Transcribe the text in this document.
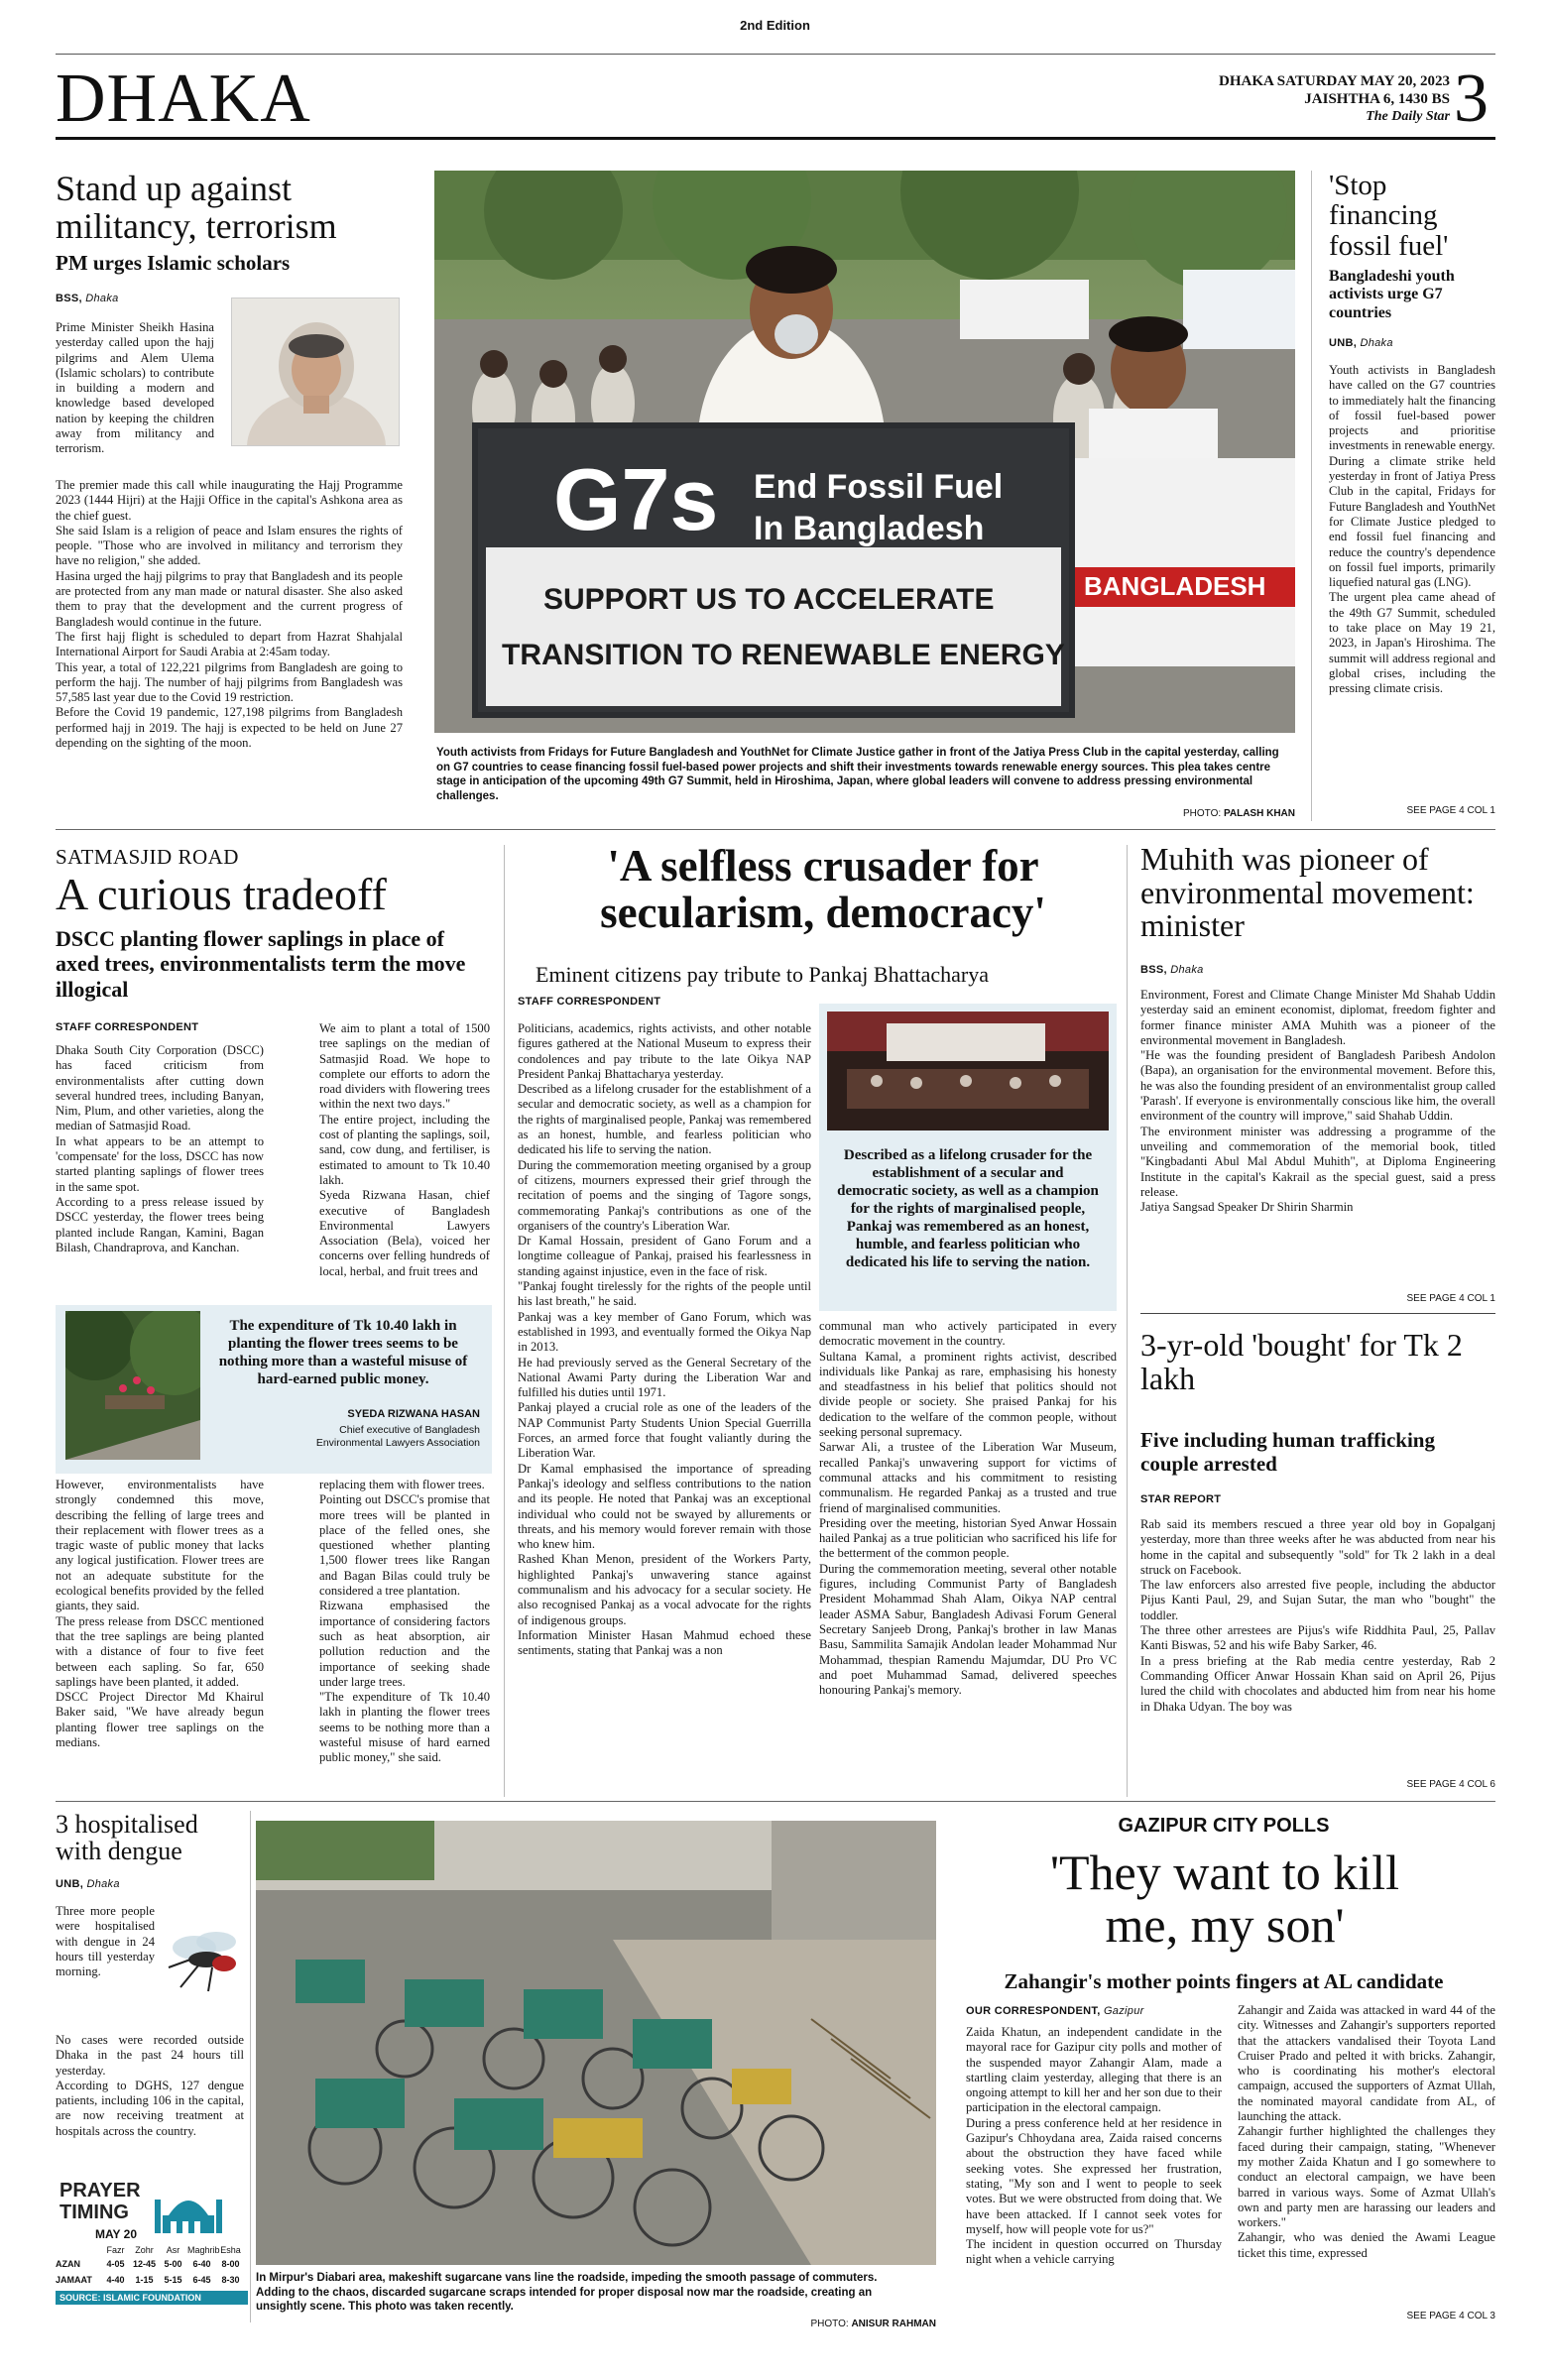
2nd Edition
DHAKA	DHAKA SATURDAY MAY 20, 2023
JAISHTHA 6, 1430 BS
The Daily Star 3
Stand up against militancy, terrorism
PM urges Islamic scholars
BSS, Dhaka
Prime Minister Sheikh Hasina yesterday called upon the hajj pilgrims and Alem Ulema (Islamic scholars) to contribute in building a modern and knowledge based developed nation by keeping the children away from militancy and terrorism.
The premier made this call while inaugurating the Hajj Programme 2023 (1444 Hijri) at the Hajji Office in the capital's Ashkona area as the chief guest.
She said Islam is a religion of peace and Islam ensures the rights of people. "Those who are involved in militancy and terrorism they have no religion," she added.
Hasina urged the hajj pilgrims to pray that Bangladesh and its people are protected from any man made or natural disaster. She also asked them to pray that the development and the current progress of Bangladesh would continue in the future.
The first hajj flight is scheduled to depart from Hazrat Shahjalal International Airport for Saudi Arabia at 2:45am today.
This year, a total of 122,221 pilgrims from Bangladesh are going to perform the hajj. The number of hajj pilgrims from Bangladesh was 57,585 last year due to the Covid 19 restriction.
Before the Covid 19 pandemic, 127,198 pilgrims from Bangladesh performed hajj in 2019. The hajj is expected to be held on June 27 depending on the sighting of the moon.
G7s End Fossil Fuel
In Bangladesh
SUPPORT US TO ACCELERATE
TRANSITION TO RENEWABLE ENERGY
BANGLADESH
Youth activists from Fridays for Future Bangladesh and YouthNet for Climate Justice gather in front of the Jatiya Press Club in the capital yesterday, calling on G7 countries to cease financing fossil fuel-based power projects and shift their investments towards renewable energy sources. This plea takes centre stage in anticipation of the upcoming 49th G7 Summit, held in Hiroshima, Japan, where global leaders will convene to address pressing environmental challenges.
PHOTO: PALASH KHAN
'Stop financing fossil fuel'
Bangladeshi youth activists urge G7 countries
UNB, Dhaka
Youth activists in Bangladesh have called on the G7 countries to immediately halt the financing of fossil fuel-based power projects and prioritise investments in renewable energy.
During a climate strike held yesterday in front of Jatiya Press Club in the capital, Fridays for Future Bangladesh and YouthNet for Climate Justice pledged to end fossil fuel financing and reduce the country's dependence on fossil fuel imports, primarily liquefied natural gas (LNG).
The urgent plea came ahead of the 49th G7 Summit, scheduled to take place on May 19 21, 2023, in Japan's Hiroshima. The summit will address regional and global crises, including the pressing climate crisis.
SEE PAGE 4 COL 1
SATMASJID ROAD
A curious tradeoff
DSCC planting flower saplings in place of axed trees, environmentalists term the move illogical
STAFF CORRESPONDENT
Dhaka South City Corporation (DSCC) has faced criticism from environmentalists after cutting down several hundred trees, including Banyan, Nim, Plum, and other varieties, along the median of Satmasjid Road.
In what appears to be an attempt to 'compensate' for the loss, DSCC has now started planting saplings of flower trees in the same spot.
According to a press release issued by DSCC yesterday, the flower trees being planted include Rangan, Kamini, Bagan Bilash, Chandraprova, and Kanchan.
We aim to plant a total of 1500 tree saplings on the median of Satmasjid Road. We hope to complete our efforts to adorn the road dividers with flowering trees within the next two days."
The entire project, including the cost of planting the saplings, soil, sand, cow dung, and fertiliser, is estimated to amount to Tk 10.40 lakh.
Syeda Rizwana Hasan, chief executive of Bangladesh Environmental Lawyers Association (Bela), voiced her concerns over felling hundreds of local, herbal, and fruit trees and
The expenditure of Tk 10.40 lakh in planting the flower trees seems to be nothing more than a wasteful misuse of hard-earned public money.
SYEDA RIZWANA HASAN
Chief executive of Bangladesh Environmental Lawyers Association
However, environmentalists have strongly condemned this move, describing the felling of large trees and their replacement with flower trees as a tragic waste of public money that lacks any logical justification. Flower trees are not an adequate substitute for the ecological benefits provided by the felled giants, they said.
The press release from DSCC mentioned that the tree saplings are being planted with a distance of four to five feet between each sapling. So far, 650 saplings have been planted, it added.
DSCC Project Director Md Khairul Baker said, "We have already begun planting flower tree saplings on the medians.
replacing them with flower trees.
Pointing out DSCC's promise that more trees will be planted in place of the felled ones, she questioned whether planting 1,500 flower trees like Rangan and Bagan Bilas could truly be considered a tree plantation.
Rizwana emphasised the importance of considering factors such as heat absorption, air pollution reduction and the importance of seeking shade under large trees.
"The expenditure of Tk 10.40 lakh in planting the flower trees seems to be nothing more than a wasteful misuse of hard earned public money," she said.
'A selfless crusader for secularism, democracy'
Eminent citizens pay tribute to Pankaj Bhattacharya
STAFF CORRESPONDENT
Politicians, academics, rights activists, and other notable figures gathered at the National Museum to express their condolences and pay tribute to the late Oikya NAP President Pankaj Bhattacharya yesterday.
Described as a lifelong crusader for the establishment of a secular and democratic society, as well as a champion for the rights of marginalised people, Pankaj was remembered as an honest, humble, and fearless politician who dedicated his life to serving the nation.
During the commemoration meeting organised by a group of citizens, mourners expressed their grief through the recitation of poems and the singing of Tagore songs, commemorating Pankaj's contributions as one of the organisers of the country's Liberation War.
Dr Kamal Hossain, president of Gano Forum and a longtime colleague of Pankaj, praised his fearlessness in standing against injustice, even in the face of risk.
"Pankaj fought tirelessly for the rights of the people until his last breath," he said.
Pankaj was a key member of Gano Forum, which was established in 1993, and eventually formed the Oikya Nap in 2013.
He had previously served as the General Secretary of the National Awami Party during the Liberation War and fulfilled his duties until 1971.
Pankaj played a crucial role as one of the leaders of the NAP Communist Party Students Union Special Guerrilla Forces, an armed force that fought valiantly during the Liberation War.
Dr Kamal emphasised the importance of spreading Pankaj's ideology and selfless contributions to the nation and its people. He noted that Pankaj was an exceptional individual who could not be swayed by allurements or threats, and his memory would forever remain with those who knew him.
Rashed Khan Menon, president of the Workers Party, highlighted Pankaj's unwavering stance against communalism and his advocacy for a secular society. He also recognised Pankaj as a vocal advocate for the rights of indigenous groups.
Information Minister Hasan Mahmud echoed these sentiments, stating that Pankaj was a non
Described as a lifelong crusader for the establishment of a secular and democratic society, as well as a champion for the rights of marginalised people, Pankaj was remembered as an honest, humble, and fearless politician who dedicated his life to serving the nation.
communal man who actively participated in every democratic movement in the country.
Sultana Kamal, a prominent rights activist, described individuals like Pankaj as rare, emphasising his honesty and steadfastness in his belief that politics should not divide people or society. She praised Pankaj for his dedication to the welfare of the common people, without seeking personal supremacy.
Sarwar Ali, a trustee of the Liberation War Museum, recalled Pankaj's unwavering support for victims of communal attacks and his commitment to resisting communalism. He regarded Pankaj as a trusted and true friend of marginalised communities.
Presiding over the meeting, historian Syed Anwar Hossain hailed Pankaj as a true politician who sacrificed his life for the betterment of the common people.
During the commemoration meeting, several other notable figures, including Communist Party of Bangladesh President Mohammad Shah Alam, Oikya NAP central leader ASMA Sabur, Bangladesh Adivasi Forum General Secretary Sanjeeb Drong, Pankaj's brother in law Manas Basu, Sammilita Samajik Andolan leader Mohammad Nur Mohammad, thespian Ramendu Majumdar, DU Pro VC and poet Muhammad Samad, delivered speeches honouring Pankaj's memory.
Muhith was pioneer of environmental movement: minister
BSS, Dhaka
Environment, Forest and Climate Change Minister Md Shahab Uddin yesterday said an eminent economist, diplomat, freedom fighter and former finance minister AMA Muhith was a pioneer of the environmental movement in Bangladesh.
"He was the founding president of Bangladesh Paribesh Andolon (Bapa), an organisation for the environmental movement. Before this, he was also the founding president of an environmentalist group called 'Parash'. If everyone is environmentally conscious like him, the overall environment of the country will improve," said Shahab Uddin.
The environment minister was addressing a programme of the unveiling and commemoration of the memorial book, titled "Kingbadanti Abul Mal Abdul Muhith", at Diploma Engineering Institute in the capital's Kakrail as the special guest, said a press release.
Jatiya Sangsad Speaker Dr Shirin Sharmin
SEE PAGE 4 COL 1
3-yr-old 'bought' for Tk 2 lakh
Five including human trafficking couple arrested
STAR REPORT
Rab said its members rescued a three year old boy in Gopalganj yesterday, more than three weeks after he was abducted from near his home in the capital and subsequently "sold" for Tk 2 lakh in a deal struck on Facebook.
The law enforcers also arrested five people, including the abductor Pijus Kanti Paul, 29, and Sujan Sutar, the man who "bought" the toddler.
The three other arrestees are Pijus's wife Riddhita Paul, 25, Pallav Kanti Biswas, 52 and his wife Baby Sarker, 46.
In a press briefing at the Rab media centre yesterday, Rab 2 Commanding Officer Anwar Hossain Khan said on April 26, Pijus lured the child with chocolates and abducted him from near his home in Dhaka Udyan. The boy was
SEE PAGE 4 COL 6
3 hospitalised with dengue
UNB, Dhaka
Three more people were hospitalised with dengue in 24 hours till yesterday morning.
No cases were recorded outside Dhaka in the past 24 hours till yesterday.
According to DGHS, 127 dengue patients, including 106 in the capital, are now receiving treatment at hospitals across the country.
PRAYER
TIMING
MAY 20
Fazr	Zohr	Asr Maghrib Esha
AZAN	4-05 12-45 5-00	6-40	8-00
JAMAAT	4-40	1-15	5-15	6-45	8-30
SOURCE: ISLAMIC FOUNDATION
In Mirpur's Diabari area, makeshift sugarcane vans line the roadside, impeding the smooth passage of commuters. Adding to the chaos, discarded sugarcane scraps intended for proper disposal now mar the roadside, creating an unsightly scene. This photo was taken recently.
PHOTO: ANISUR RAHMAN
GAZIPUR CITY POLLS
'They want to kill me, my son'
Zahangir's mother points fingers at AL candidate
OUR CORRESPONDENT, Gazipur
Zaida Khatun, an independent candidate in the mayoral race for Gazipur city polls and mother of the suspended mayor Zahangir Alam, made a startling claim yesterday, alleging that there is an ongoing attempt to kill her and her son due to their participation in the electoral campaign.
During a press conference held at her residence in Gazipur's Chhoydana area, Zaida raised concerns about the obstruction they have faced while seeking votes. She expressed her frustration, stating, "My son and I went to people to seek votes. But we were obstructed from doing that. We have been attacked. If I cannot seek votes for myself, how will people vote for us?"
The incident in question occurred on Thursday night when a vehicle carrying
Zahangir and Zaida was attacked in ward 44 of the city. Witnesses and Zahangir's supporters reported that the attackers vandalised their Toyota Land Cruiser Prado and pelted it with bricks. Zahangir, who is coordinating his mother's electoral campaign, accused the supporters of Azmat Ullah, the nominated mayoral candidate from AL, of launching the attack.
Zahangir further highlighted the challenges they faced during their campaign, stating, "Whenever my mother Zaida Khatun and I go somewhere to conduct an electoral campaign, we have been barred in various ways. Some of Azmat Ullah's own and party men are harassing our leaders and workers."
Zahangir, who was denied the Awami League ticket this time, expressed
SEE PAGE 4 COL 3
